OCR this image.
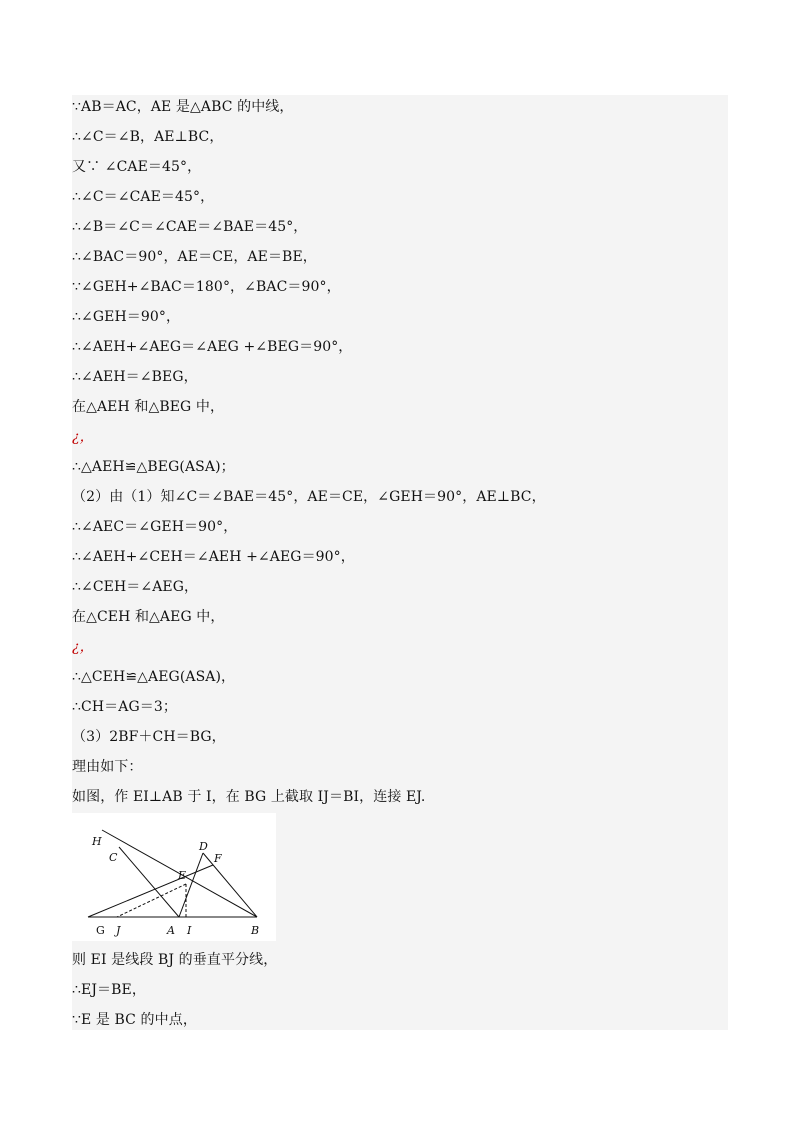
∵AB＝AC，AE 是△ABC 的中线，
∴∠C＝∠B，AE⊥BC，
又∵ ∠CAE＝45°，
∴∠C＝∠CAE＝45°，
∴∠B＝∠C＝∠CAE＝∠BAE＝45°，
∴∠BAC＝90°，AE＝CE，AE＝BE，
∵∠GEH+∠BAC＝180°，∠BAC＝90°，
∴∠GEH＝90°，
∴∠AEH+∠AEG＝∠AEG +∠BEG＝90°，
∴∠AEH＝∠BEG，
在△AEH 和△BEG 中，
¿，
∴△AEH≌△BEG(ASA)；
（2）由（1）知∠C＝∠BAE＝45°，AE＝CE，∠GEH＝90°，AE⊥BC，
∴∠AEC＝∠GEH＝90°，
∴∠AEH+∠CEH＝∠AEH +∠AEG＝90°，
∴∠CEH＝∠AEG，
在△CEH 和△AEG 中，
¿，
∴△CEH≌△AEG(ASA)，
∴CH＝AG＝3；
（3）2BF＋CH＝BG，
理由如下：
如图，作 EI⊥AB 于 I，在 BG 上截取 IJ＝BI，连接 EJ.
H
C
D
F
E
G J	A I	B
则 EI 是线段 BJ 的垂直平分线，
∴EJ＝BE，
∵E 是 BC 的中点，
